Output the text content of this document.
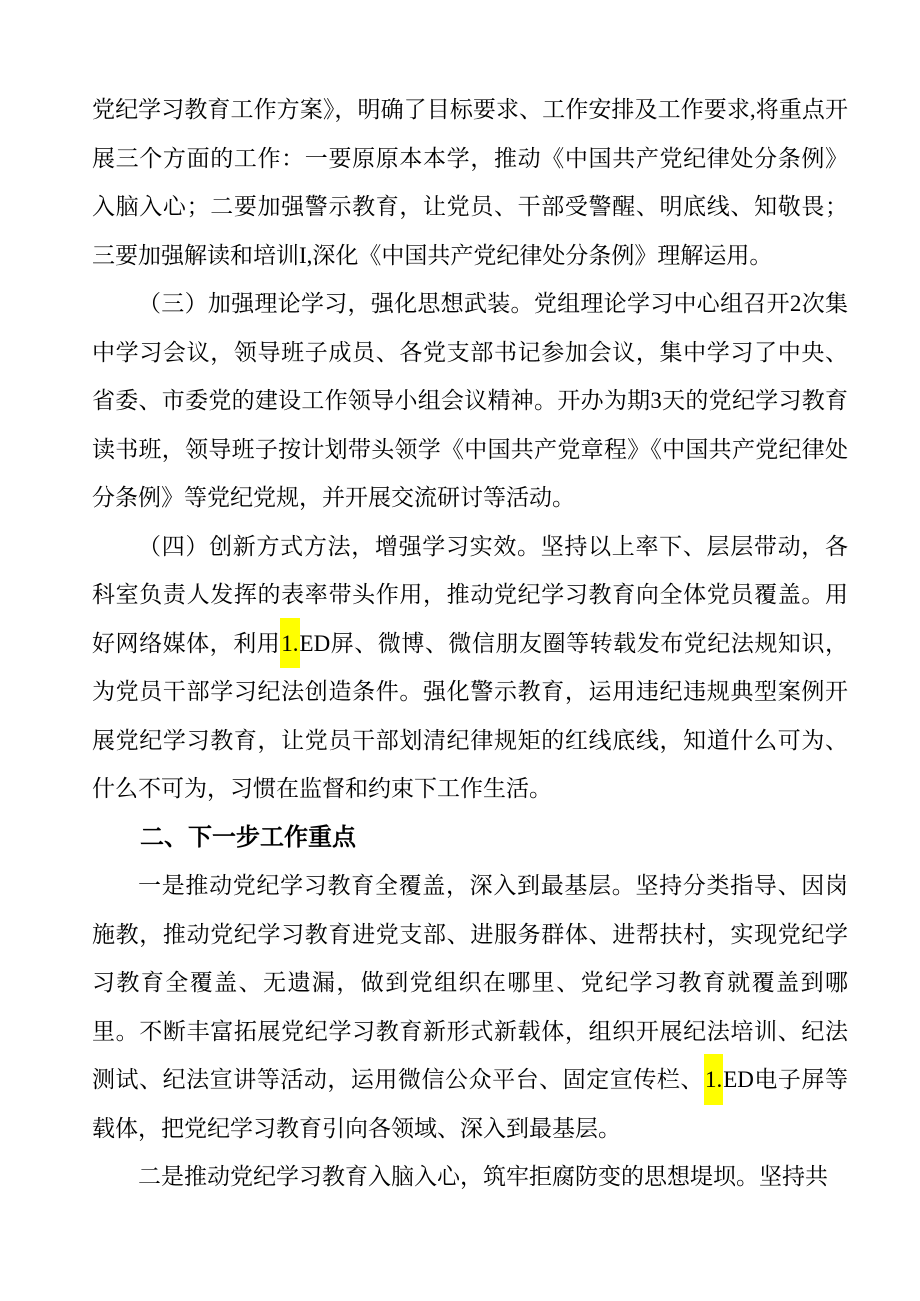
党纪学习教育工作方案》，明确了目标要求、工作安排及工作要求,将重点开展三个方面的工作：一要原原本本学，推动《中国共产党纪律处分条例》入脑入心；二要加强警示教育，让党员、干部受警醒、明底线、知敬畏；三要加强解读和培训I,深化《中国共产党纪律处分条例》理解运用。

（三）加强理论学习，强化思想武装。党组理论学习中心组召开2次集中学习会议，领导班子成员、各党支部书记参加会议，集中学习了中央、省委、市委党的建设工作领导小组会议精神。开办为期3天的党纪学习教育读书班，领导班子按计划带头领学《中国共产党章程》《中国共产党纪律处分条例》等党纪党规，并开展交流研讨等活动。

（四）创新方式方法，增强学习实效。坚持以上率下、层层带动，各科室负责人发挥的表率带头作用，推动党纪学习教育向全体党员覆盖。用好网络媒体，利用1.ED屏、微博、微信朋友圈等转载发布党纪法规知识，为党员干部学习纪法创造条件。强化警示教育，运用违纪违规典型案例开展党纪学习教育，让党员干部划清纪律规矩的红线底线，知道什么可为、什么不可为，习惯在监督和约束下工作生活。

二、下一步工作重点

一是推动党纪学习教育全覆盖，深入到最基层。坚持分类指导、因岗施教，推动党纪学习教育进党支部、进服务群体、进帮扶村，实现党纪学习教育全覆盖、无遗漏，做到党组织在哪里、党纪学习教育就覆盖到哪里。不断丰富拓展党纪学习教育新形式新载体，组织开展纪法培训、纪法测试、纪法宣讲等活动，运用微信公众平台、固定宣传栏、1.ED电子屏等载体，把党纪学习教育引向各领域、深入到最基层。

二是推动党纪学习教育入脑入心，筑牢拒腐防变的思想堤坝。坚持共
